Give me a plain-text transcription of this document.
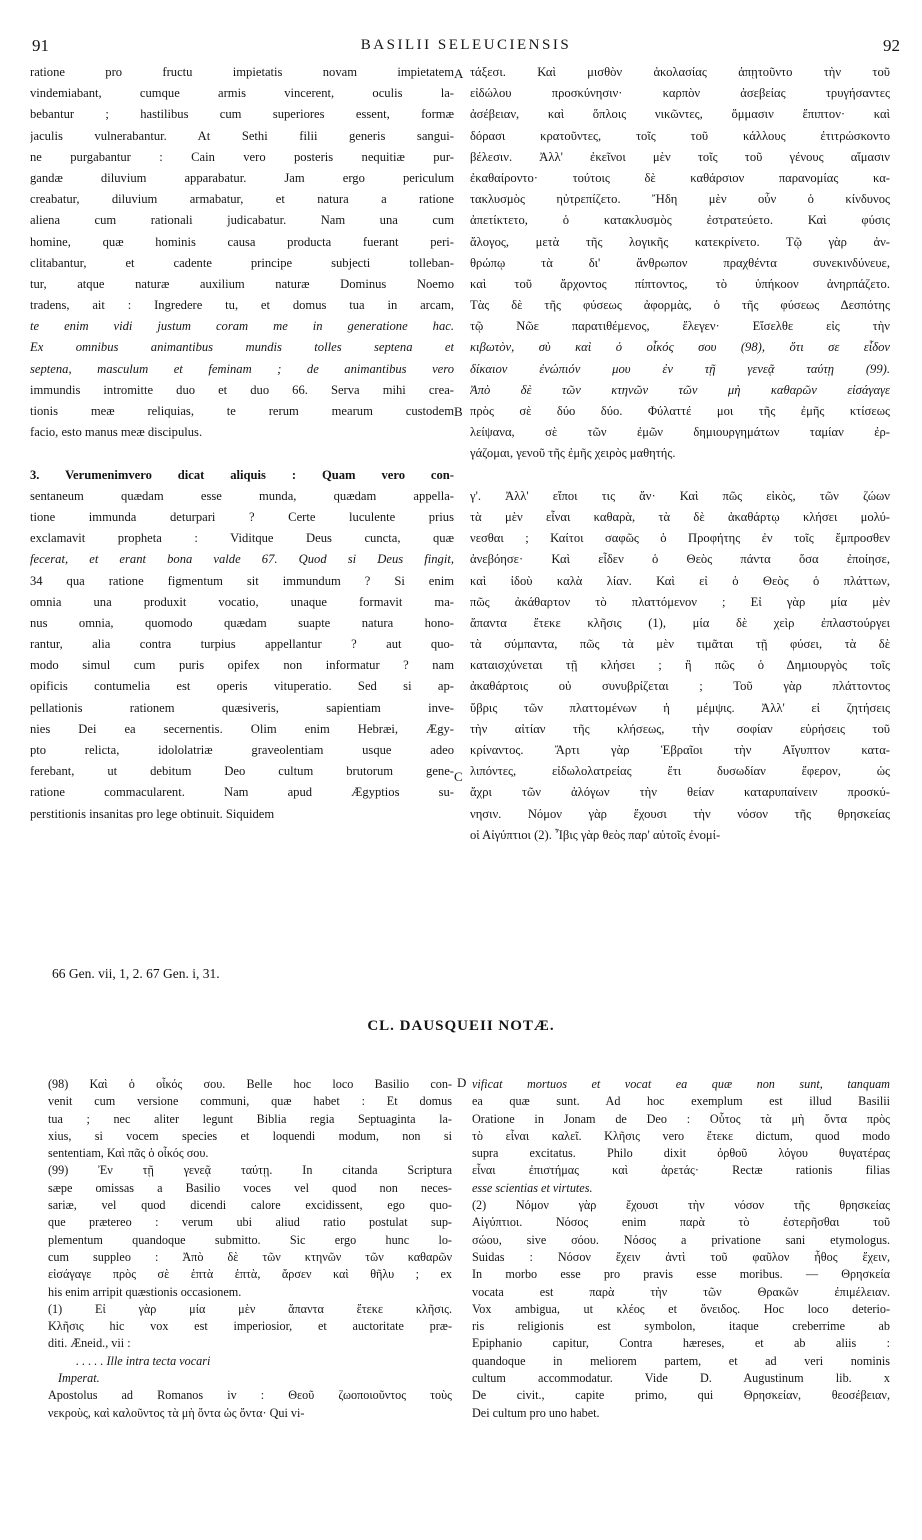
91	BASILII SELEUCIENSIS	92
A
B
C
D
ratione pro fructu impietatis novam impietatem
vindemiabant, cumque armis vincerent, oculis la-
bebantur ; hastilibus cum superiores essent, formæ
jaculis vulnerabantur. At Sethi filii generis sangui-
ne purgabantur : Cain vero posteris nequitiæ pur-
gandæ diluvium apparabatur. Jam ergo periculum
creabatur, diluvium armabatur, et natura a ratione
aliena cum rationali judicabatur. Nam una cum
homine, quæ hominis causa producta fuerant peri-
clitabantur, et cadente principe subjecti tolleban-
tur, atque naturæ auxilium naturæ Dominus Noemo
tradens, ait : Ingredere tu, et domus tua in arcam,
te enim vidi justum coram me in generatione hac.
Ex omnibus animantibus mundis tolles septena et
septena, masculum et feminam ; de animantibus vero
immundis intromitte duo et duo 66. Serva mihi crea-
tionis meæ reliquias, te rerum mearum custodem
facio, esto manus meæ discipulus.
3. Verumenimvero dicat aliquis : Quam vero con-
sentaneum quædam esse munda, quædam appella-
tione immunda deturpari ? Certe luculente prius
exclamavit propheta : Viditque Deus cuncta, quæ
fecerat, et erant bona valde 67. Quod si Deus fingit,
34 qua ratione figmentum sit immundum ? Si enim
omnia una produxit vocatio, unaque formavit ma-
nus omnia, quomodo quædam suapte natura hono-
rantur, alia contra turpius appellantur ? aut quo-
modo simul cum puris opifex non informatur ? nam
opificis contumelia est operis vituperatio. Sed si ap-
pellationis rationem quæsiveris, sapientiam inve-
nies Dei ea secernentis. Olim enim Hebræi, Ægy-
pto relicta, idololatriæ graveolentiam usque adeo
ferebant, ut debitum Deo cultum brutorum gene-
ratione commacularent. Nam apud Ægyptios su-
perstitionis insanitas pro lege obtinuit. Siquidem
τάξεσι. Καὶ μισθὸν ἀκολασίας ἀπῃτοῦντο τὴν τοῦ
εἰδώλου προσκύνησιν· καρπὸν ἀσεβείας τρυγήσαντες
ἀσέβειαν, καὶ ὅπλοις νικῶντες, ὄμμασιν ἔπιπτον· καὶ
δόρασι κρατοῦντες, τοῖς τοῦ κάλλους ἐτιτρώσκοντο
βέλεσιν. Ἀλλ' ἐκεῖνοι μὲν τοῖς τοῦ γένους αἵμασιν
ἐκαθαίροντο· τούτοις δὲ καθάρσιον παρανομίας κα-
τακλυσμὸς ηὐτρεπίζετο. Ἤδη μὲν οὖν ὁ κίνδυνος
ἀπετίκτετο, ὁ κατακλυσμὸς ἐστρατεύετο. Καὶ φύσις
ἄλογος, μετὰ τῆς λογικῆς κατεκρίνετο. Τῷ γὰρ ἀν-
θρώπῳ τὰ δι' ἄνθρωπον πραχθέντα συνεκινδύνευε,
καὶ τοῦ ἄρχοντος πίπτοντος, τὸ ὑπήκοον ἀνηρπάζετο.
Τὰς δὲ τῆς φύσεως ἀφορμὰς, ὁ τῆς φύσεως Δεσπότης
τῷ Νῶε παρατιθέμενος, ἔλεγεν· Εἴσελθε εἰς τὴν
κιβωτὸν, σὺ καὶ ὁ οἶκός σου (98), ὅτι σε εἶδον
δίκαιον ἐνώπιόν μου ἐν τῇ γενεᾷ ταύτῃ (99).
Ἀπὸ δὲ τῶν κτηνῶν τῶν μὴ καθαρῶν εἰσάγαγε
πρὸς σὲ δύο δύο. Φύλαττέ μοι τῆς ἐμῆς κτίσεως
λείψανα, σὲ τῶν ἐμῶν δημιουργημάτων ταμίαν ἐρ-
γάζομαι, γενοῦ τῆς ἐμῆς χειρὸς μαθητής.
γ'. Ἀλλ' εἴποι τις ἄν· Καὶ πῶς εἰκὸς, τῶν ζώων
τὰ μὲν εἶναι καθαρὰ, τὰ δὲ ἀκαθάρτῳ κλήσει μολύ-
νεσθαι ; Καίτοι σαφῶς ὁ Προφήτης ἐν τοῖς ἔμπροσθεν
ἀνεβόησε· Καὶ εἶδεν ὁ Θεὸς πάντα ὅσα ἐποίησε,
καὶ ἰδοὺ καλὰ λίαν. Καὶ εἰ ὁ Θεὸς ὁ πλάττων,
πῶς ἀκάθαρτον τὸ πλαττόμενον ; Εἰ γὰρ μία μὲν
ἅπαντα ἔτεκε κλῆσις (1), μία δὲ χεὶρ ἐπλαστούργει
τὰ σύμπαντα, πῶς τὰ μὲν τιμᾶται τῇ φύσει, τὰ δὲ
καταισχύνεται τῇ κλήσει ; ἢ πῶς ὁ Δημιουργὸς τοῖς
ἀκαθάρτοις οὐ συνυβρίζεται ; Τοῦ γὰρ πλάττοντος
ὕβρις τῶν πλαττομένων ἡ μέμψις. Ἀλλ' εἰ ζητήσεις
τὴν αἰτίαν τῆς κλήσεως, τὴν σοφίαν εὑρήσεις τοῦ
κρίναντος. Ἄρτι γὰρ Ἑβραῖοι τὴν Αἴγυπτον κατα-
λιπόντες, εἰδωλολατρείας ἔτι δυσωδίαν ἔφερον, ὡς
ἄχρι τῶν ἀλόγων τὴν θείαν καταρυπαίνειν προσκύ-
νησιν. Νόμον γὰρ ἔχουσι τὴν νόσον τῆς θρησκείας
οἱ Αἰγύπτιοι (2). Ἶβις γὰρ θεὸς παρ' αὐτοῖς ἐνομί-
66 Gen. vii, 1, 2. 67 Gen. i, 31.
CL. DAUSQUEII NOTÆ.
(98) Καὶ ὁ οἶκός σου. Belle hoc loco Basilio con-
venit cum versione communi, quæ habet : Et domus
tua ; nec aliter legunt Biblia regia Septuaginta la-
xius, si vocem species et loquendi modum, non si
sententiam, Καὶ πᾶς ὁ οἶκός σου.
(99) Ἐν τῇ γενεᾷ ταύτῃ. In citanda Scriptura
sæpe omissas a Basilio voces vel quod non neces-
sariæ, vel quod dicendi calore excidissent, ego quo-
que prætereo : verum ubi aliud ratio postulat sup-
plementum quandoque submitto. Sic ergo hunc lo-
cum suppleo : Ἀπὸ δὲ τῶν κτηνῶν τῶν καθαρῶν
εἰσάγαγε πρὸς σὲ ἑπτὰ ἑπτὰ, ἄρσεν καὶ θῆλυ ; ex
his enim arripit quæstionis occasionem.
(1) Εἰ γὰρ μία μὲν ἅπαντα ἔτεκε κλῆσις.
Κλῆσις hic vox est imperiosior, et auctoritate præ-
diti. Æneid., vii :
. . . . . Ille intra tecta vocari
Imperat.
Apostolus ad Romanos iv : Θεοῦ ζωοποιοῦντος τοὺς
νεκροὺς, καὶ καλοῦντος τὰ μὴ ὄντα ὡς ὄντα· Qui vi-
vificat mortuos et vocat ea quæ non sunt, tanquam
ea quæ sunt. Ad hoc exemplum est illud Basilii
Oratione in Jonam de Deo : Οὗτος τὰ μὴ ὄντα πρὸς
τὸ εἶναι καλεῖ. Κλῆσις vero ἔτεκε dictum, quod modo
supra excitatus. Philo dixit ὀρθοῦ λόγου θυγατέρας
εἶναι ἐπιστήμας καὶ ἀρετάς· Rectæ rationis filias
esse scientias et virtutes.
(2) Νόμον γὰρ ἔχουσι τὴν νόσον τῆς θρησκείας
Αἰγύπτιοι. Νόσος enim παρὰ τὸ ἐστερῆσθαι τοῦ
σώου, sive σόου. Νόσος a privatione sani etymologus.
Suidas : Νόσον ἔχειν ἀντὶ τοῦ φαῦλον ἦθος ἔχειν,
In morbo esse pro pravis esse moribus. — Θρησκεία
vocata est παρὰ τὴν τῶν Θρακῶν ἐπιμέλειαν.
Vox ambigua, ut κλέος et ὄνειδος. Hoc loco deterio-
ris religionis est symbolon, itaque creberrime ab
Epiphanio capitur, Contra hæreses, et ab aliis :
quandoque in meliorem partem, et ad veri nominis
cultum accommodatur. Vide D. Augustinum lib. x
De civit., capite primo, qui Θρησκείαν, θεοσέβειαν,
Dei cultum pro uno habet.
